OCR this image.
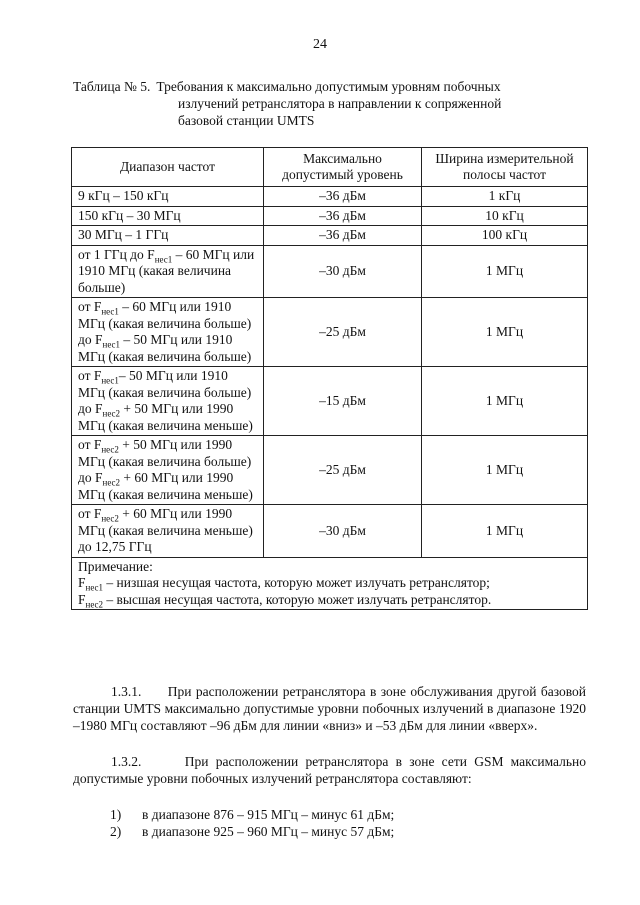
24
Таблица № 5. Требования к максимально допустимым уровням побочных
излучений ретранслятора в направлении к сопряженной
базовой станции UMTS
Диапазон частот	Максимально допустимый уровень	Ширина измерительной полосы частот
9 кГц – 150 кГц	–36 дБм	1 кГц
150 кГц – 30 МГц	–36 дБм	10 кГц
30 МГц – 1 ГГц	–36 дБм	100 кГц
от 1 ГГц до $F_{нес1} - 60$ МГц или 1910 МГц (какая величина больше)	–30 дБм	1 МГц
от $F_{нес1} - 60$ МГц или 1910 МГц (какая величина больше) до $F_{нес1} - 50$ МГц или 1910 МГц (какая величина больше)	–25 дБм	1 МГц
от $F_{нес1}-$ 50 МГц или 1910 МГц (какая величина больше) до $F_{нес2} + 50$ МГц или 1990 МГц (какая величина меньше)	–15 дБм	1 МГц
от $F_{нес2} + 50$ МГц или 1990 МГц (какая величина больше) до $F_{нес2} + 60$ МГц или 1990 МГц (какая величина меньше)	–25 дБм	1 МГц
от $F_{нес2} + 60$ МГц или 1990 МГц (какая величина меньше) до 12,75 ГГц	–30 дБм	1 МГц

Примечание:
$F_{нес1}$ – низшая несущая частота, которую может излучать ретранслятор;
$F_{нес2}$ – высшая несущая частота, которую может излучать ретранслятор.		
1.3.1. При расположении ретранслятора в зоне обслуживания другой базовой станции UMTS максимально допустимые уровни побочных излучений в диапазоне 1920 –1980 МГц составляют –96 дБм для линии «вниз» и –53 дБм для линии «вверх».
1.3.2.	При расположении ретранслятора в зоне сети GSM максимально допустимые уровни побочных излучений ретранслятора составляют:
1)	в диапазоне 876 – 915 МГц – минус 61 дБм;
2)	в диапазоне 925 – 960 МГц – минус 57 дБм;
